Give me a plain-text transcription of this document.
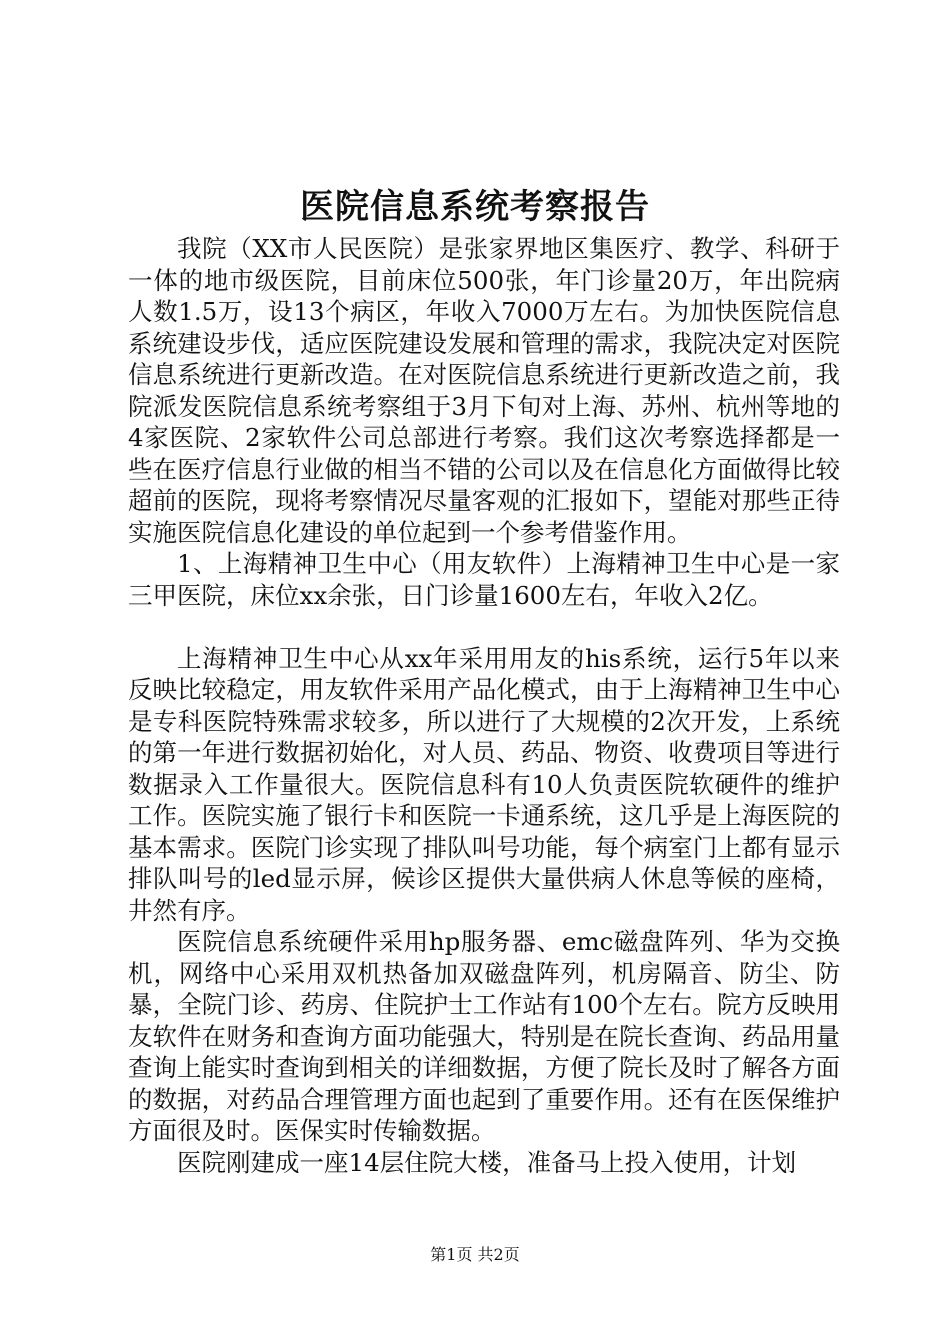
医院信息系统考察报告

我院（XX市人民医院）是张家界地区集医疗、教学、科研于一体的地市级医院，目前床位500张，年门诊量20万，年出院病人数1.5万，设13个病区，年收入7000万左右。为加快医院信息系统建设步伐，适应医院建设发展和管理的需求，我院决定对医院信息系统进行更新改造。在对医院信息系统进行更新改造之前，我院派发医院信息系统考察组于3月下旬对上海、苏州、杭州等地的4家医院、2家软件公司总部进行考察。我们这次考察选择都是一些在医疗信息行业做的相当不错的公司以及在信息化方面做得比较超前的医院，现将考察情况尽量客观的汇报如下，望能对那些正待实施医院信息化建设的单位起到一个参考借鉴作用。

1、上海精神卫生中心（用友软件）上海精神卫生中心是一家三甲医院，床位xx余张，日门诊量1600左右，年收入2亿。

上海精神卫生中心从xx年采用用友的his系统，运行5年以来反映比较稳定，用友软件采用产品化模式，由于上海精神卫生中心是专科医院特殊需求较多，所以进行了大规模的2次开发，上系统的第一年进行数据初始化，对人员、药品、物资、收费项目等进行数据录入工作量很大。医院信息科有10人负责医院软硬件的维护工作。医院实施了银行卡和医院一卡通系统，这几乎是上海医院的基本需求。医院门诊实现了排队叫号功能，每个病室门上都有显示排队叫号的led显示屏，候诊区提供大量供病人休息等候的座椅，井然有序。

医院信息系统硬件采用hp服务器、emc磁盘阵列、华为交换机，网络中心采用双机热备加双磁盘阵列，机房隔音、防尘、防暴，全院门诊、药房、住院护士工作站有100个左右。院方反映用友软件在财务和查询方面功能强大，特别是在院长查询、药品用量查询上能实时查询到相关的详细数据，方便了院长及时了解各方面的数据，对药品合理管理方面也起到了重要作用。还有在医保维护方面很及时。医保实时传输数据。

医院刚建成一座14层住院大楼，准备马上投入使用，计划

第1页 共2页
